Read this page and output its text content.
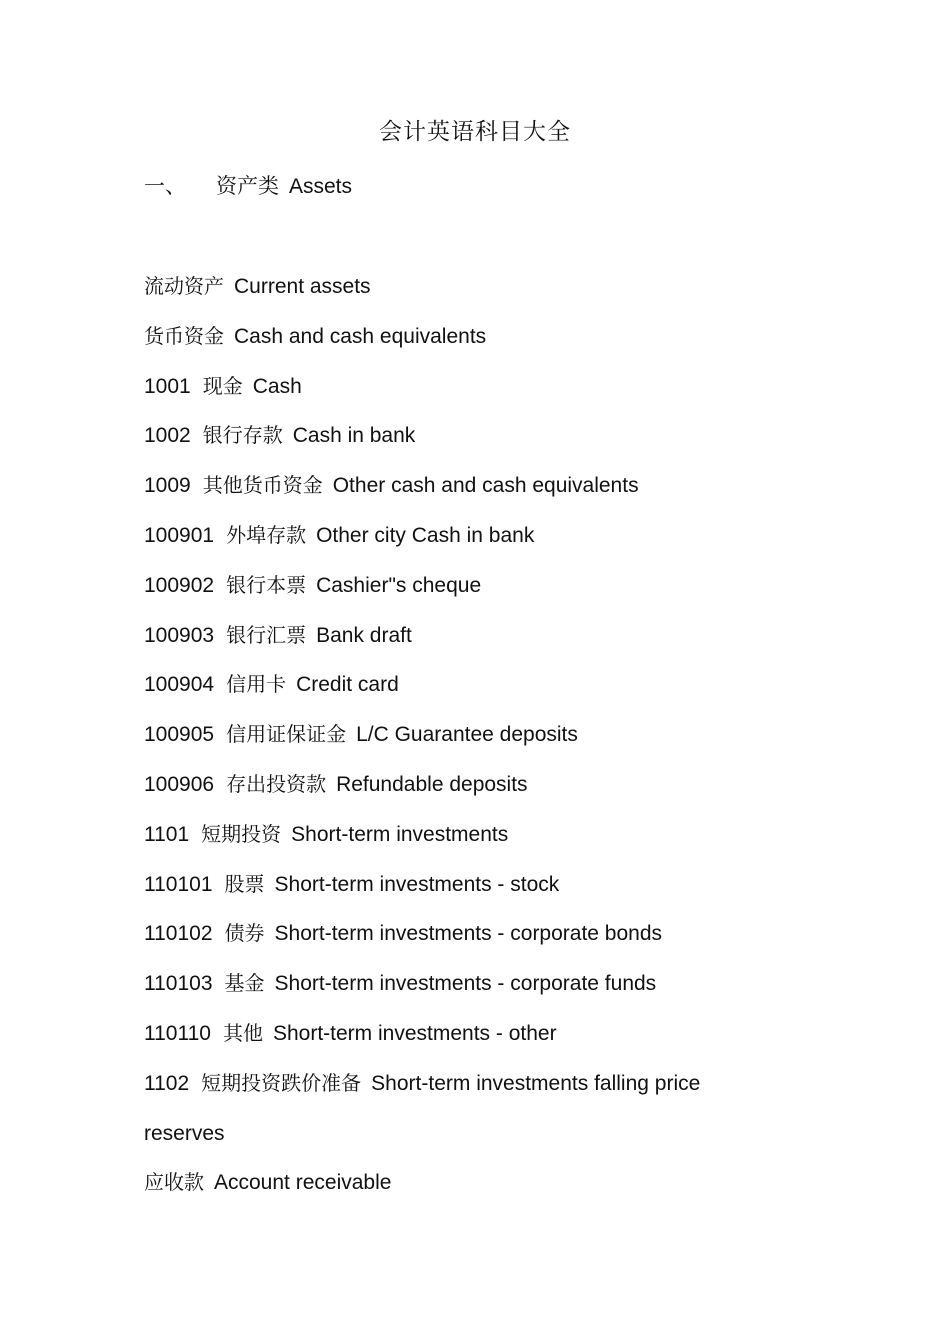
会计英语科目大全
一、 资产类 Assets
流动资产 Current assets
货币资金 Cash and cash equivalents
1001 现金 Cash
1002 银行存款 Cash in bank
1009 其他货币资金 Other cash and cash equivalents
100901 外埠存款 Other city Cash in bank
100902 银行本票 Cashier"s cheque
100903 银行汇票 Bank draft
100904 信用卡 Credit card
100905 信用证保证金 L/C Guarantee deposits
100906 存出投资款 Refundable deposits
1101 短期投资 Short-term investments
110101 股票 Short-term investments - stock
110102 债券 Short-term investments - corporate bonds
110103 基金 Short-term investments - corporate funds
110110 其他 Short-term investments - other
1102 短期投资跌价准备 Short-term investments falling price
reserves
应收款 Account receivable
